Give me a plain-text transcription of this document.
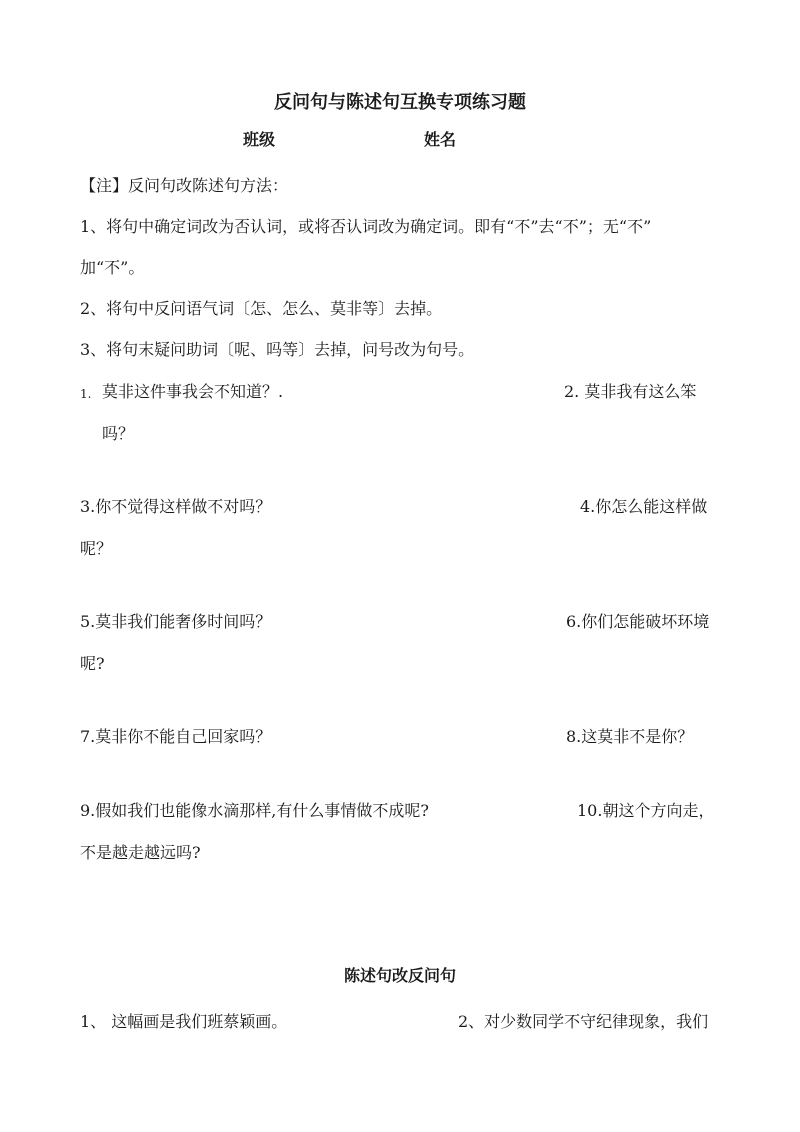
反问句与陈述句互换专项练习题
班级	姓名
【注】反问句改陈述句方法：
1、将句中确定词改为否认词，或将否认词改为确定词。即有“不”去“不”；无“不”
加“不”。
2、将句中反问语气词〔怎、怎么、莫非等〕去掉。
3、将句末疑问助词〔呢、吗等〕去掉，问号改为句号。
1. 莫非这件事我会不知道？.	2. 莫非我有这么笨
吗？
3.你不觉得这样做不对吗？	4.你怎么能这样做
呢？
5.莫非我们能奢侈时间吗？	6.你们怎能破坏环境
呢?
7.莫非你不能自己回家吗？	8.这莫非不是你？
9.假如我们也能像水滴那样,有什么事情做不成呢?	10.朝这个方向走，
不是越走越远吗?
陈述句改反问句
1、 这幅画是我们班蔡颖画。	2、对少数同学不守纪律现象，我们
